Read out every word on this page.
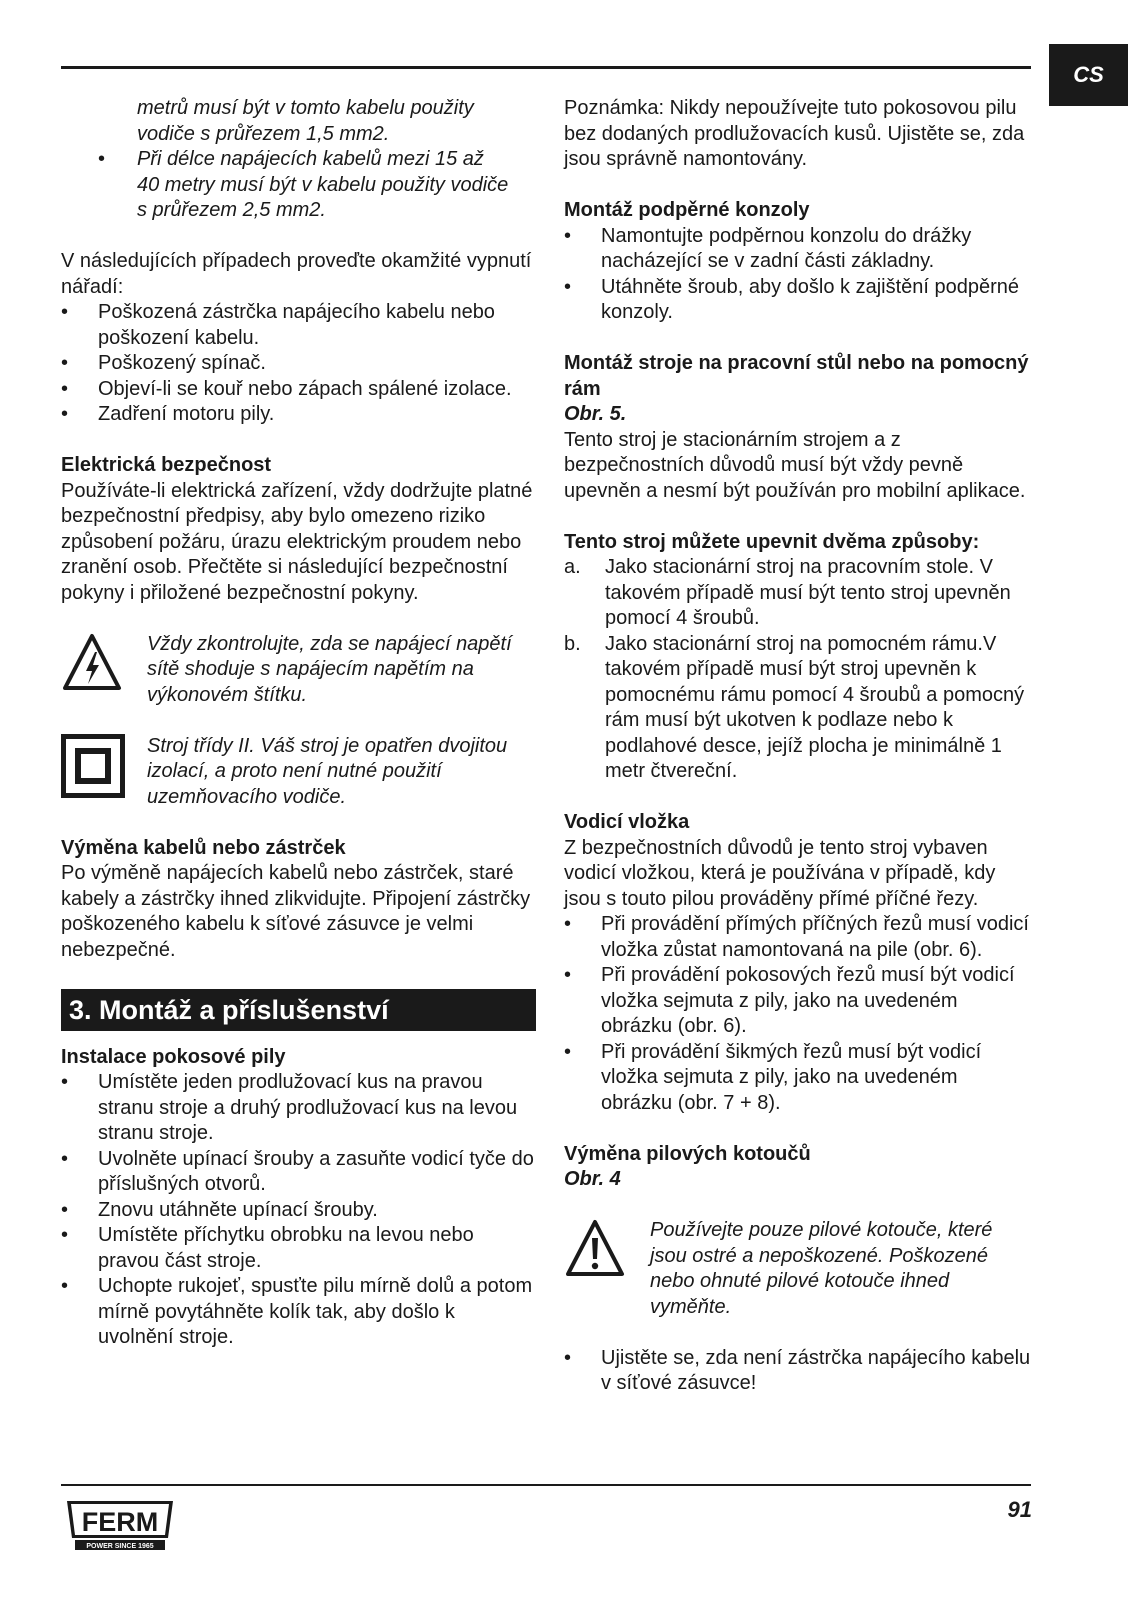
CS

metrů musí být v tomto kabelu použity
vodiče s průřezem 1,5 mm2.

•	Při délce napájecích kabelů mezi 15 až
40 metry musí být v kabelu použity vodiče
s průřezem 2,5 mm2.

V následujících případech proveďte okamžité vypnutí nářadí:

•	Poškozená zástrčka napájecího kabelu nebo poškození kabelu.
•	Poškozený spínač.
•	Objeví-li se kouř nebo zápach spálené izolace.
•	Zadření motoru pily.

Elektrická bezpečnost

Používáte-li elektrická zařízení, vždy dodržujte platné bezpečnostní předpisy, aby bylo omezeno riziko způsobení požáru, úrazu elektrickým proudem nebo zranění osob. Přečtěte si následující bezpečnostní pokyny i přiložené bezpečnostní pokyny.

Vždy zkontrolujte, zda se napájecí napětí sítě shoduje s napájecím napětím na výkonovém štítku.

Stroj třídy II. Váš stroj je opatřen dvojitou izolací, a proto není nutné použití uzemňovacího vodiče.

Výměna kabelů nebo zástrček

Po výměně napájecích kabelů nebo zástrček, staré kabely a zástrčky ihned zlikvidujte. Připojení zástrčky poškozeného kabelu k síťové zásuvce je velmi nebezpečné.

3. Montáž a příslušenství

Instalace pokosové pily

•	Umístěte jeden prodlužovací kus na pravou stranu stroje a druhý prodlužovací kus na levou stranu stroje.
•	Uvolněte upínací šrouby a zasuňte vodicí tyče do příslušných otvorů.
•	Znovu utáhněte upínací šrouby.
•	Umístěte příchytku obrobku na levou nebo pravou část stroje.
•	Uchopte rukojeť, spusťte pilu mírně dolů a potom mírně povytáhněte kolík tak, aby došlo k uvolnění stroje.

Poznámka: Nikdy nepoužívejte tuto pokosovou pilu bez dodaných prodlužovacích kusů. Ujistěte se, zda jsou správně namontovány.

Montáž podpěrné konzoly

•	Namontujte podpěrnou konzolu do drážky nacházející se v zadní části základny.
•	Utáhněte šroub, aby došlo k zajištění podpěrné konzoly.

Montáž stroje na pracovní stůl nebo na pomocný rám

Obr. 5.

Tento stroj je stacionárním strojem a z bezpečnostních důvodů musí být vždy pevně upevněn a nesmí být používán pro mobilní aplikace.

Tento stroj můžete upevnit dvěma způsoby:

a.	Jako stacionární stroj na pracovním stole. V takovém případě musí být tento stroj upevněn pomocí 4 šroubů.
b.	Jako stacionární stroj na pomocném rámu.V takovém případě musí být stroj upevněn k pomocnému rámu pomocí 4 šroubů a pomocný rám musí být ukotven k podlaze nebo k podlahové desce, jejíž plocha je minimálně 1 metr čtvereční.

Vodicí vložka

Z bezpečnostních důvodů je tento stroj vybaven vodicí vložkou, která je používána v případě, kdy jsou s touto pilou prováděny přímé příčné řezy.

•	Při provádění přímých příčných řezů musí vodicí vložka zůstat namontovaná na pile (obr. 6).
•	Při provádění pokosových řezů musí být vodicí vložka sejmuta z pily, jako na uvedeném obrázku (obr. 6).
•	Při provádění šikmých řezů musí být vodicí vložka sejmuta z pily, jako na uvedeném obrázku (obr. 7 + 8).

Výměna pilových kotoučů

Obr. 4

Používejte pouze pilové kotouče, které jsou ostré a nepoškozené. Poškozené nebo ohnuté pilové kotouče ihned vyměňte.

•	Ujistěte se, zda není zástrčka napájecího kabelu v síťové zásuvce!
FERM
POWER SINCE 1965
91
